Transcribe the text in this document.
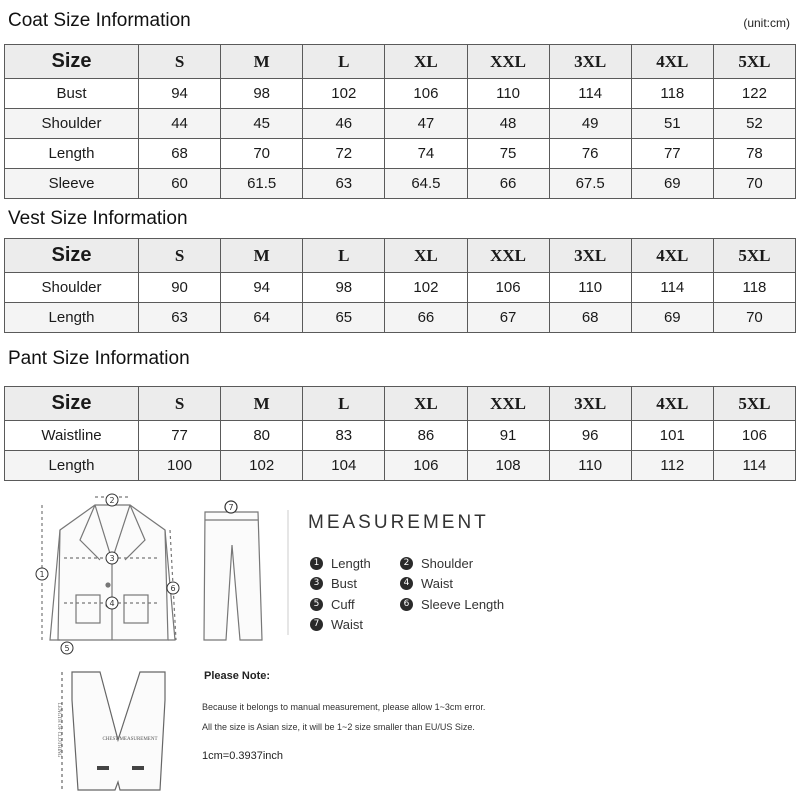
Coat Size Information	(unit:cm)
Size	S	M	L	XL	XXL	3XL	4XL	5XL
Bust	94	98	102	106	110	114	118	122
Shoulder	44	45	46	47	48	49	51	52
Length	68	70	72	74	75	76	77	78
Sleeve	60	61.5	63	64.5	66	67.5	69	70
Vest Size Information
Size	S	M	L	XL	XXL	3XL	4XL	5XL
Shoulder	90	94	98	102	106	110	114	118
Length	63	64	65	66	67	68	69	70
Pant Size Information
Size	S	M	L	XL	XXL	3XL	4XL	5XL
Waistline	77	80	83	86	91	96	101	106
Length	100	102	104	106	108	110	112	114
1
2
3
4
5
6
7
LENGTH OF CLOTHING	CHEST MEASUREMENT
MEASUREMENT
1 Length	2 Shoulder
3 Bust	4 Waist
5 Cuff	6 Sleeve Length
7 Waist
Please Note:
Because it belongs to manual measurement, please allow 1~3cm error.
All the size is Asian size, it will be 1~2 size smaller than EU/US Size.
1cm=0.3937inch
